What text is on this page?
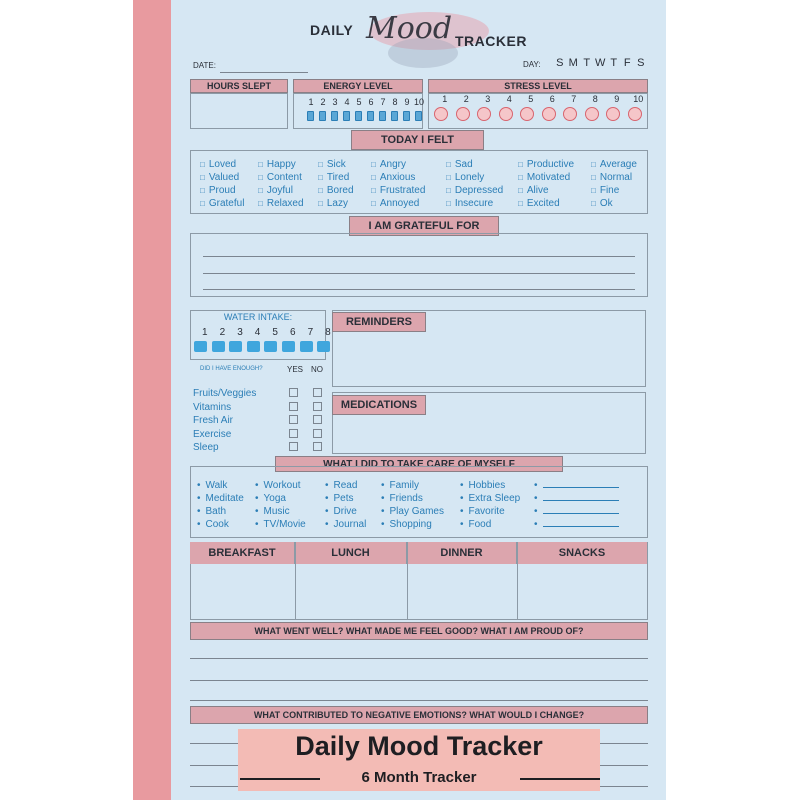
DAILY Mood TRACKER
DATE:	DAY: S M T W T F S
HOURS SLEPT	ENERGY LEVEL
1 2 3 4 5 6 7 8 9 10
STRESS LEVEL
1	2	3	4	5	6	7	8	9	10
TODAY I FELT
□ Loved
□ Valued
□ Proud
□ Grateful
□ Happy
□ Content
□ Joyful
□ Relaxed
□ Sick
□ Tired
□ Bored
□ Lazy
□ Angry
□ Anxious
□ Frustrated
□ Annoyed
□ Sad
□ Lonely
□ Depressed
□ Insecure
□ Productive
□ Motivated
□ Alive
□ Excited
□ Average
□ Normal
□ Fine
□ Ok
I AM GRATEFUL FOR
WATER INTAKE:
1	2	3	4	5	6	7	8
DID I HAVE ENOUGH?	YES NO
Fruits/Veggies
Vitamins
Fresh Air
Exercise
Sleep
REMINDERS
MEDICATIONS
WHAT I DID TO TAKE CARE OF MYSELF
• Walk
• Meditate
• Bath
• Cook
• Workout
• Yoga
• Music
• TV/Movie
• Read
• Pets
• Drive
• Journal
• Family
• Friends
• Play Games
• Shopping
• Hobbies
• Extra Sleep
• Favorite
• Food
•
•
•
•
BREAKFAST	LUNCH	DINNER	SNACKS
WHAT WENT WELL? WHAT MADE ME FEEL GOOD? WHAT I AM PROUD OF?
WHAT CONTRIBUTED TO NEGATIVE EMOTIONS? WHAT WOULD I CHANGE?
Daily Mood Tracker
6 Month Tracker
